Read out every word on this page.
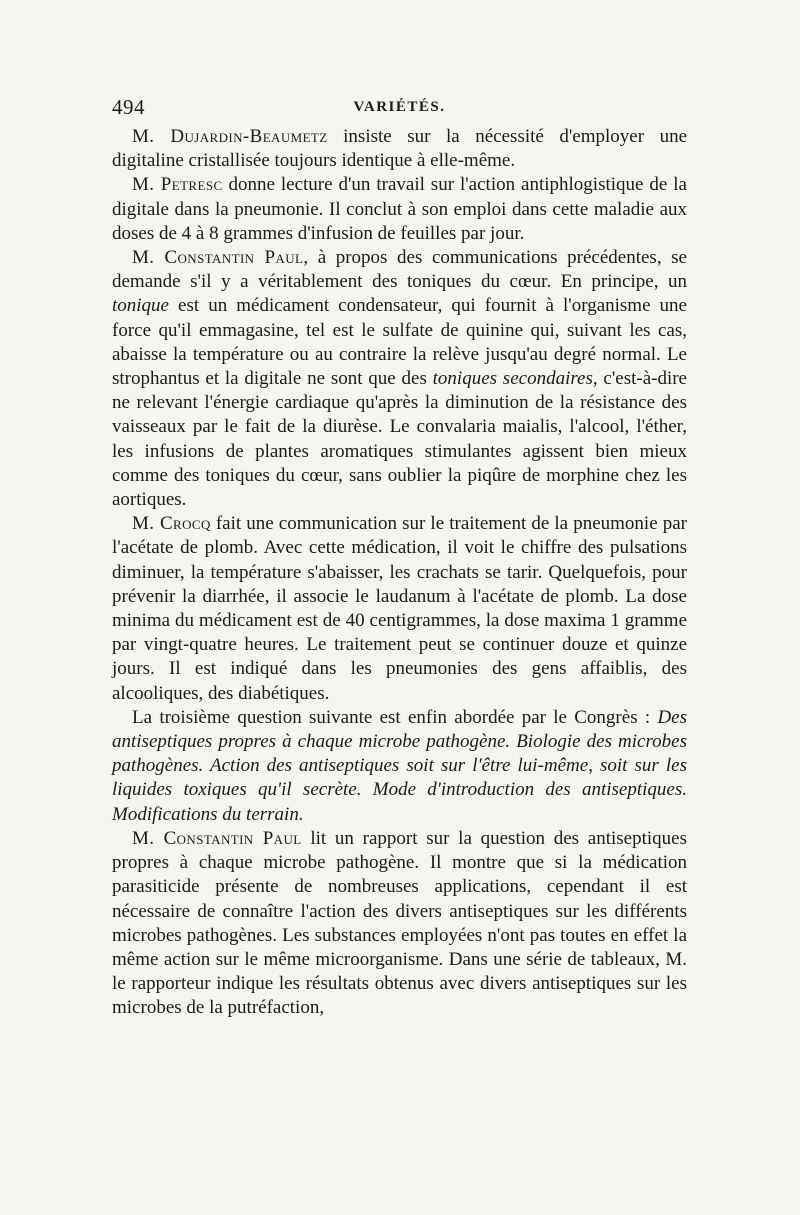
494	VARIÉTÉS.

M. Dujardin-Beaumetz insiste sur la nécessité d'employer une digitaline cristallisée toujours identique à elle-même.

M. Petresc donne lecture d'un travail sur l'action antiphlogistique de la digitale dans la pneumonie. Il conclut à son emploi dans cette maladie aux doses de 4 à 8 grammes d'infusion de feuilles par jour.

M. Constantin Paul, à propos des communications précédentes, se demande s'il y a véritablement des toniques du cœur. En principe, un tonique est un médicament condensateur, qui fournit à l'organisme une force qu'il emmagasine, tel est le sulfate de quinine qui, suivant les cas, abaisse la température ou au contraire la relève jusqu'au degré normal. Le strophantus et la digitale ne sont que des toniques secondaires, c'est-à-dire ne relevant l'énergie cardiaque qu'après la diminution de la résistance des vaisseaux par le fait de la diurèse. Le convalaria maialis, l'alcool, l'éther, les infusions de plantes aromatiques stimulantes agissent bien mieux comme des toniques du cœur, sans oublier la piqûre de morphine chez les aortiques.

M. Crocq fait une communication sur le traitement de la pneumonie par l'acétate de plomb. Avec cette médication, il voit le chiffre des pulsations diminuer, la température s'abaisser, les crachats se tarir. Quelquefois, pour prévenir la diarrhée, il associe le laudanum à l'acétate de plomb. La dose minima du médicament est de 40 centigrammes, la dose maxima 1 gramme par vingt-quatre heures. Le traitement peut se continuer douze et quinze jours. Il est indiqué dans les pneumonies des gens affaiblis, des alcooliques, des diabétiques.

La troisième question suivante est enfin abordée par le Congrès : Des antiseptiques propres à chaque microbe pathogène. Biologie des microbes pathogènes. Action des antiseptiques soit sur l'être lui-même, soit sur les liquides toxiques qu'il secrète. Mode d'introduction des antiseptiques. Modifications du terrain.

M. Constantin Paul lit un rapport sur la question des antiseptiques propres à chaque microbe pathogène. Il montre que si la médication parasiticide présente de nombreuses applications, cependant il est nécessaire de connaître l'action des divers antiseptiques sur les différents microbes pathogènes. Les substances employées n'ont pas toutes en effet la même action sur le même microorganisme. Dans une série de tableaux, M. le rapporteur indique les résultats obtenus avec divers antiseptiques sur les microbes de la putréfaction,
